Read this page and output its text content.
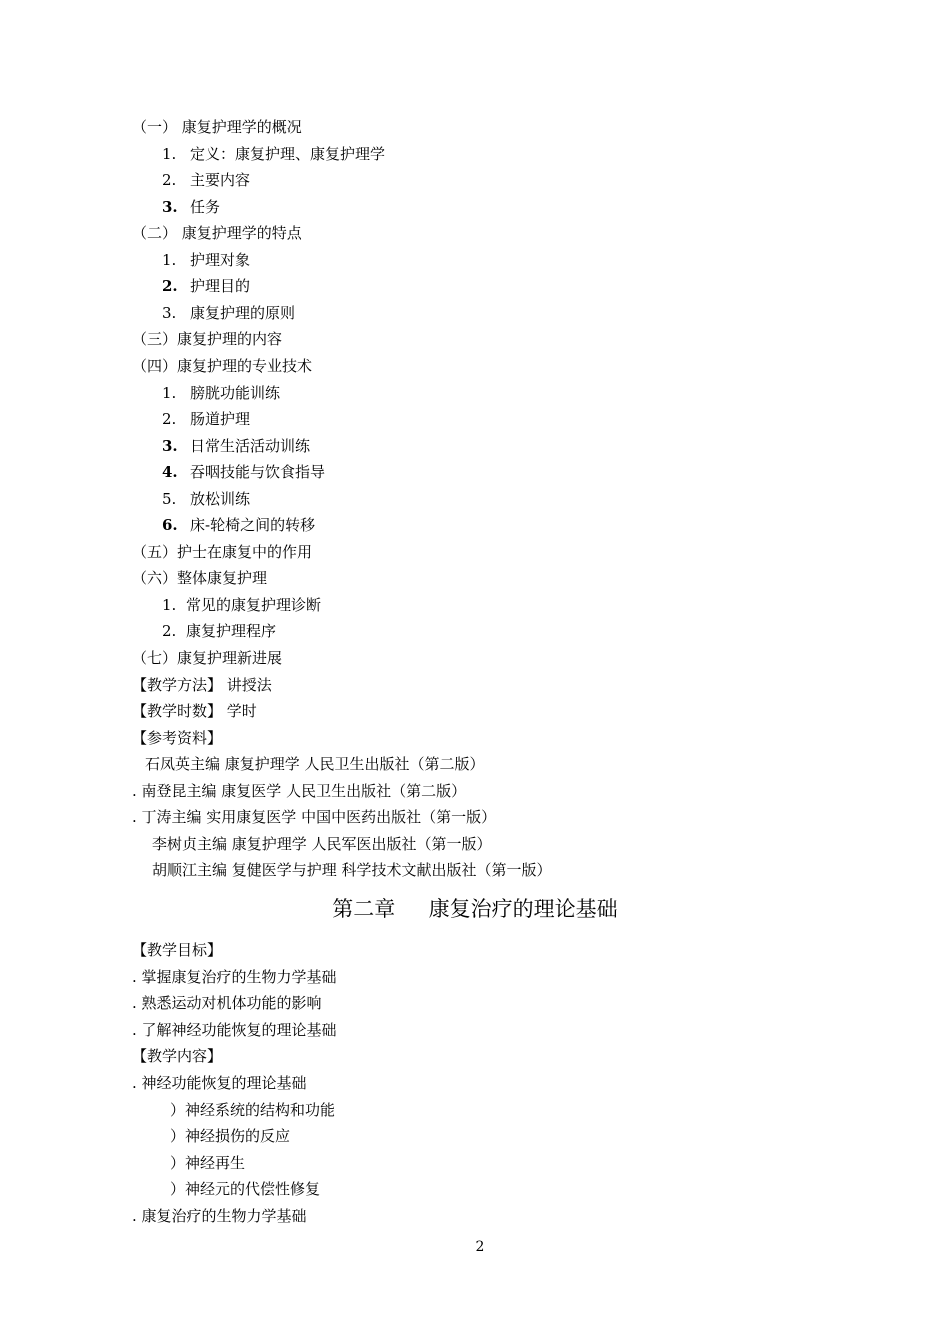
（一） 康复护理学的概况
1. 定义：康复护理、康复护理学
2. 主要内容
3. 任务
（二） 康复护理学的特点
1. 护理对象
2. 护理目的
3. 康复护理的原则
（三）康复护理的内容
（四）康复护理的专业技术
1. 膀胱功能训练
2. 肠道护理
3. 日常生活活动训练
4. 吞咽技能与饮食指导
5. 放松训练
6. 床-轮椅之间的转移
（五）护士在康复中的作用
（六）整体康复护理
1. 常见的康复护理诊断
2. 康复护理程序
（七）康复护理新进展
【教学方法】 讲授法
【教学时数】 学时
【参考资料】
石凤英主编 康复护理学 人民卫生出版社（第二版）
. 南登昆主编 康复医学 人民卫生出版社（第二版）
. 丁涛主编 实用康复医学 中国中医药出版社（第一版）
李树贞主编 康复护理学 人民军医出版社（第一版）
胡顺江主编 复健医学与护理 科学技术文献出版社（第一版）
第二章     康复治疗的理论基础
【教学目标】
. 掌握康复治疗的生物力学基础
. 熟悉运动对机体功能的影响
. 了解神经功能恢复的理论基础
【教学内容】
. 神经功能恢复的理论基础
）神经系统的结构和功能
）神经损伤的反应
）神经再生
）神经元的代偿性修复
. 康复治疗的生物力学基础
2
